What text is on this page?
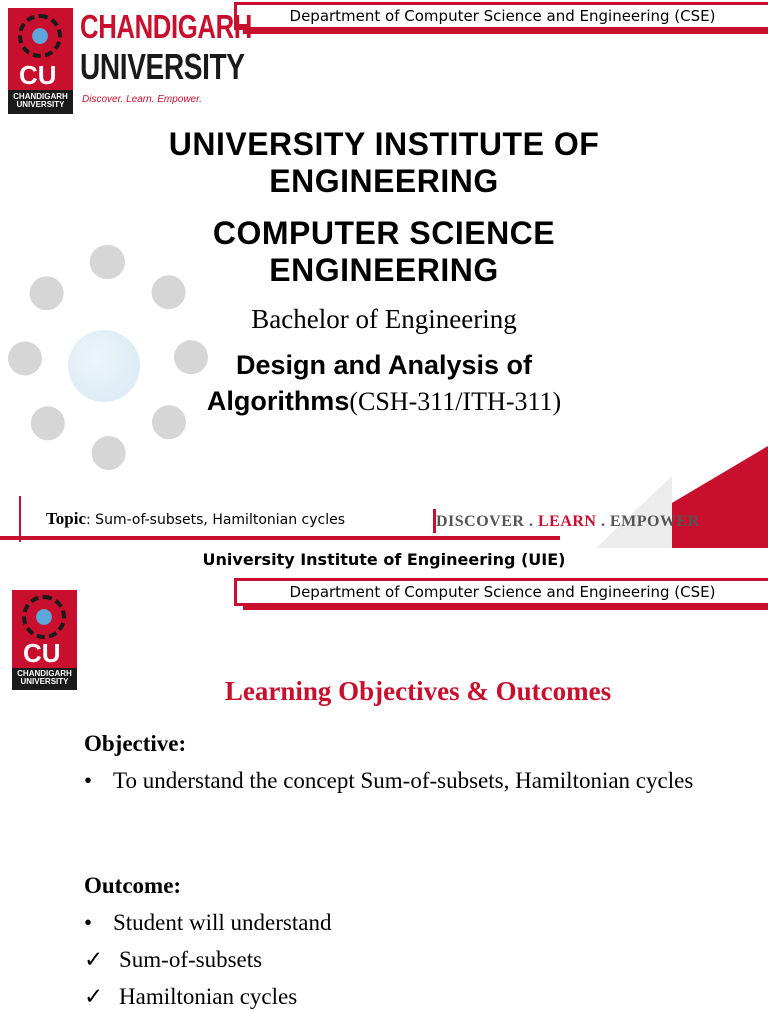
Department of Computer Science and Engineering (CSE)
CU
CHANDIGARH
UNIVERSITY
CHANDIGARH
UNIVERSITY
Discover. Learn. Empower.
UNIVERSITY INSTITUTE OF
ENGINEERING
COMPUTER SCIENCE
ENGINEERING
Bachelor of Engineering
Design and Analysis of
Algorithms(CSH-311/ITH-311)
Topic: Sum-of-subsets, Hamiltonian cycles	DISCOVER . LEARN . EMPOWER
University Institute of Engineering (UIE)
Department of Computer Science and Engineering (CSE)
CU
CHANDIGARH
UNIVERSITY	Learning Objectives & Outcomes
Objective:
• To understand the concept Sum-of-subsets, Hamiltonian cycles
Outcome:
• Student will understand
✓ Sum-of-subsets
✓ Hamiltonian cycles
